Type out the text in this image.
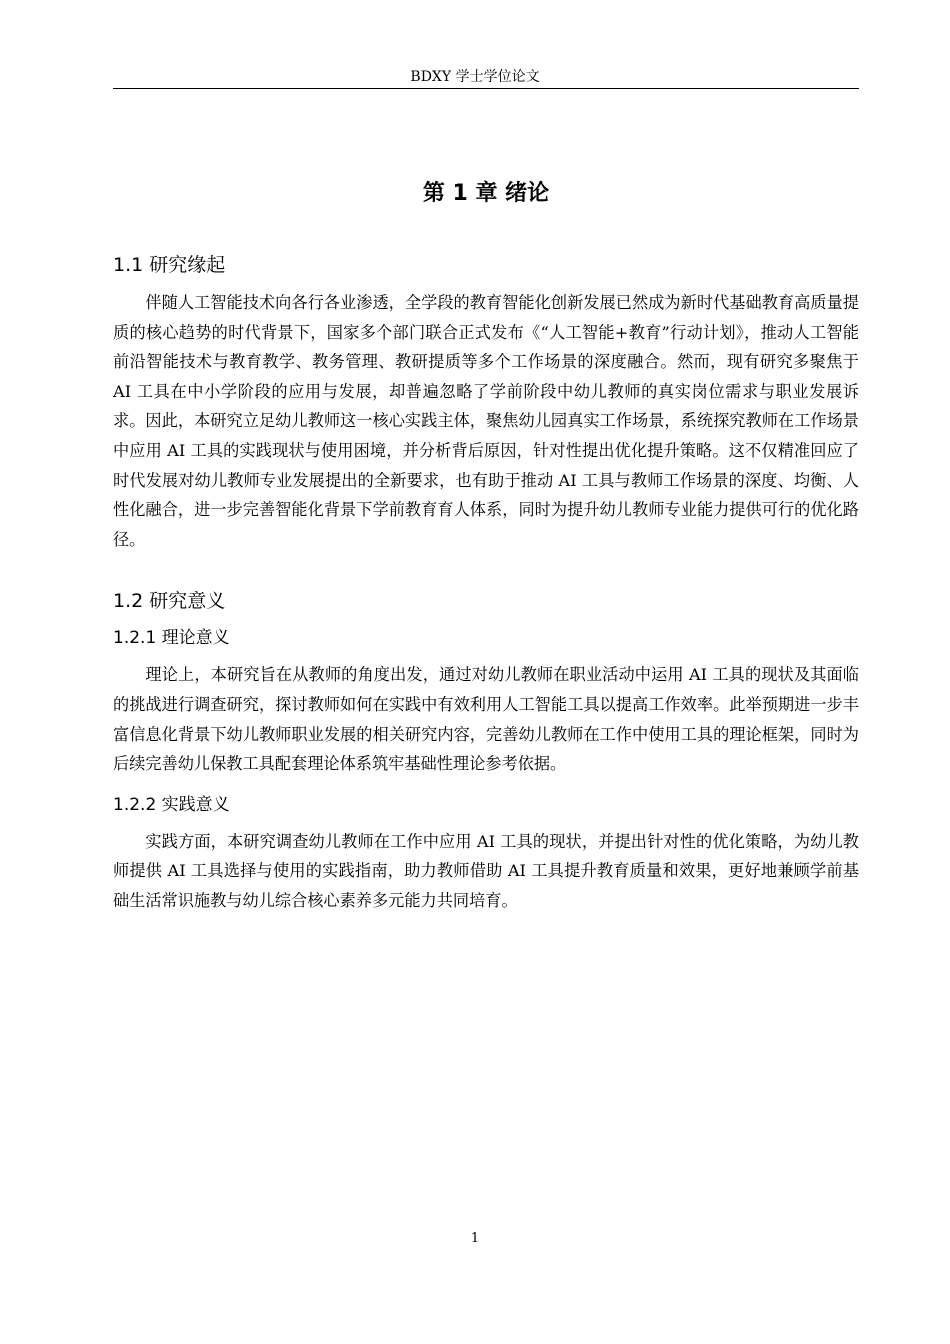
BDXY 学士学位论文
第 1 章 绪论
1.1 研究缘起

伴随人工智能技术向各行各业渗透，全学段的教育智能化创新发展已然成为新时代基础教育高质量提质的核心趋势的时代背景下，国家多个部门联合正式发布《“人工智能+教育”行动计划》，推动人工智能前沿智能技术与教育教学、教务管理、教研提质等多个工作场景的深度融合。然而，现有研究多聚焦于 AI 工具在中小学阶段的应用与发展，却普遍忽略了学前阶段中幼儿教师的真实岗位需求与职业发展诉求。因此，本研究立足幼儿教师这一核心实践主体，聚焦幼儿园真实工作场景，系统探究教师在工作场景中应用 AI 工具的实践现状与使用困境，并分析背后原因，针对性提出优化提升策略。这不仅精准回应了时代发展对幼儿教师专业发展提出的全新要求，也有助于推动 AI 工具与教师工作场景的深度、均衡、人性化融合，进一步完善智能化背景下学前教育育人体系，同时为提升幼儿教师专业能力提供可行的优化路径。

1.2 研究意义
1.2.1 理论意义

理论上，本研究旨在从教师的角度出发，通过对幼儿教师在职业活动中运用 AI 工具的现状及其面临的挑战进行调查研究，探讨教师如何在实践中有效利用人工智能工具以提高工作效率。此举预期进一步丰富信息化背景下幼儿教师职业发展的相关研究内容，完善幼儿教师在工作中使用工具的理论框架，同时为后续完善幼儿保教工具配套理论体系筑牢基础性理论参考依据。

1.2.2 实践意义

实践方面，本研究调查幼儿教师在工作中应用 AI 工具的现状，并提出针对性的优化策略，为幼儿教师提供 AI 工具选择与使用的实践指南，助力教师借助 AI 工具提升教育质量和效果，更好地兼顾学前基础生活常识施教与幼儿综合核心素养多元能力共同培育。

1
